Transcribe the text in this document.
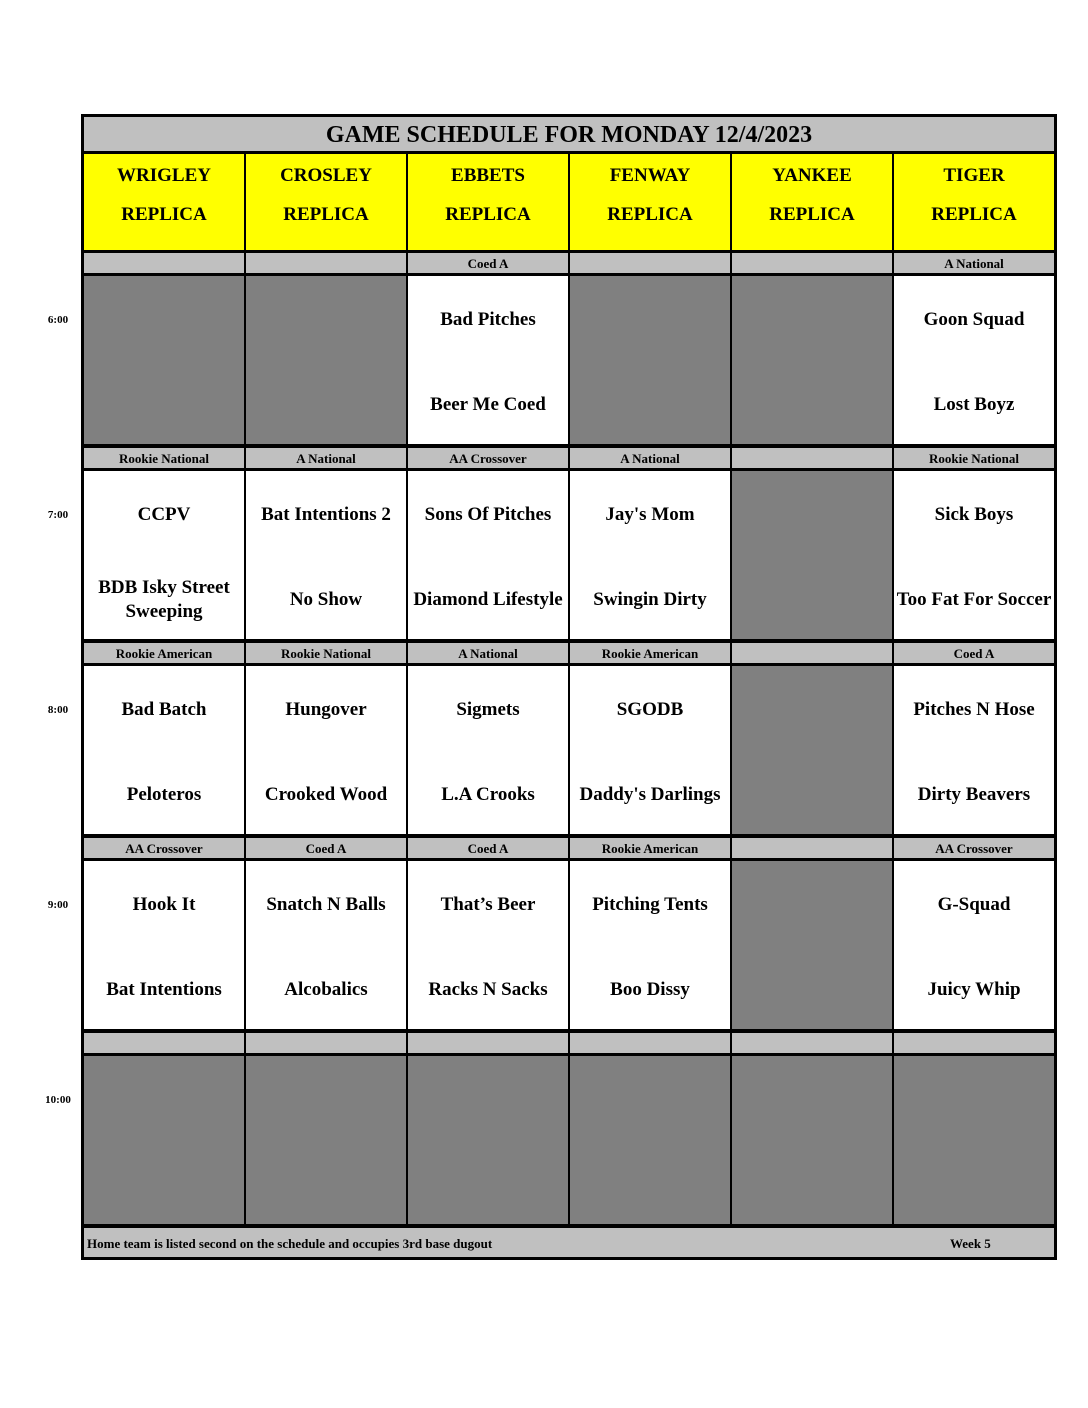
6:00
7:00
8:00
9:00
10:00
GAME SCHEDULE FOR MONDAY 12/4/2023
WRIGLEY
REPLICA
CROSLEY
REPLICA
EBBETS
REPLICA
FENWAY
REPLICA
YANKEE
REPLICA
TIGER
REPLICA
Coed A
Bad Pitches
Beer Me Coed
A National
Goon Squad
Lost Boyz
Rookie National
CCPV
BDB Isky Street Sweeping
A National
Bat Intentions 2
No Show
AA Crossover
Sons Of Pitches
Diamond Lifestyle
A National
Jay's Mom
Swingin Dirty
Rookie National
Sick Boys
Too Fat For Soccer
Rookie American
Bad Batch
Peloteros
Rookie National
Hungover
Crooked Wood
A National
Sigmets
L.A Crooks
Rookie American
SGODB
Daddy's Darlings
Coed A
Pitches N Hose
Dirty Beavers
AA Crossover
Hook It
Bat Intentions
Coed A
Snatch N Balls
Alcobalics
Coed A
That’s Beer
Racks N Sacks
Rookie American
Pitching Tents
Boo Dissy
AA Crossover
G-Squad
Juicy Whip
Home team is listed second on the schedule and occupies 3rd base dugout	Week 5
